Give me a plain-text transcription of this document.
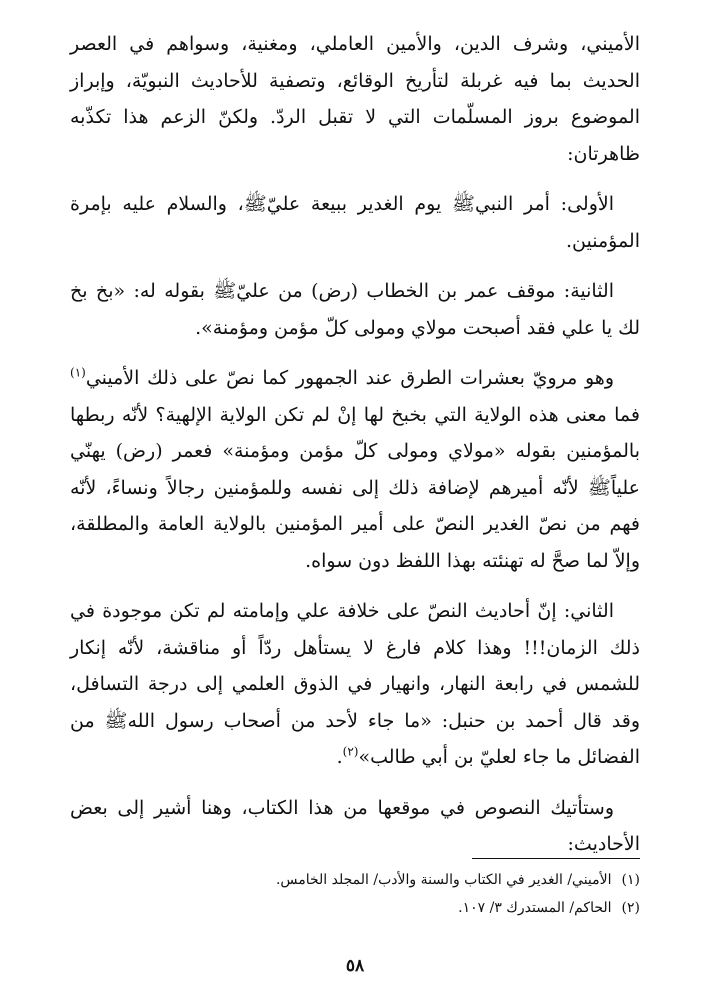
الأميني، وشرف الدين، والأمين العاملي، ومغنية، وسواهم في العصر الحديث بما فيه غربلة لتأريخ الوقائع، وتصفية للأحاديث النبويّة، وإبراز الموضوع بروز المسلّمات التي لا تقبل الردّ. ولكنّ الزعم هذا تكذّبه ظاهرتان:

الأولى: أمر النبيﷺ يوم الغدير ببيعة عليّﷺ، والسلام عليه بإمرة المؤمنين.

الثانية: موقف عمر بن الخطاب (رض) من عليّﷺ بقوله له: «بخ بخ لك يا علي فقد أصبحت مولاي ومولى كلّ مؤمن ومؤمنة».

وهو مرويّ بعشرات الطرق عند الجمهور كما نصّ على ذلك الأميني$^{(١)}$ فما معنى هذه الولاية التي بخبخ لها إنْ لم تكن الولاية الإلهية؟ لأنّه ربطها بالمؤمنين بقوله «مولاي ومولى كلّ مؤمن ومؤمنة» فعمر (رض) يهنّي علياًﷺ لأنّه أميرهم لإضافة ذلك إلى نفسه وللمؤمنين رجالاً ونساءً، لأنّه فهم من نصّ الغدير النصّ على أمير المؤمنين بالولاية العامة والمطلقة، وإلاّ لما صحَّ له تهنئته بهذا اللفظ دون سواه.

الثاني: إنّ أحاديث النصّ على خلافة علي وإمامته لم تكن موجودة في ذلك الزمان!!! وهذا كلام فارغ لا يستأهل ردّاً أو مناقشة، لأنّه إنكار للشمس في رابعة النهار، وانهيار في الذوق العلمي إلى درجة التسافل، وقد قال أحمد بن حنبل: «ما جاء لأحد من أصحاب رسول اللهﷺ من الفضائل ما جاء لعليّ بن أبي طالب»$^{(٢)}$.

وستأتيك النصوص في موقعها من هذا الكتاب، وهنا أشير إلى بعض الأحاديث:

(١)الأميني/ الغدير في الكتاب والسنة والأدب/ المجلد الخامس.

(٢)الحاكم/ المستدرك ٣/ ١٠٧.

٥٨
